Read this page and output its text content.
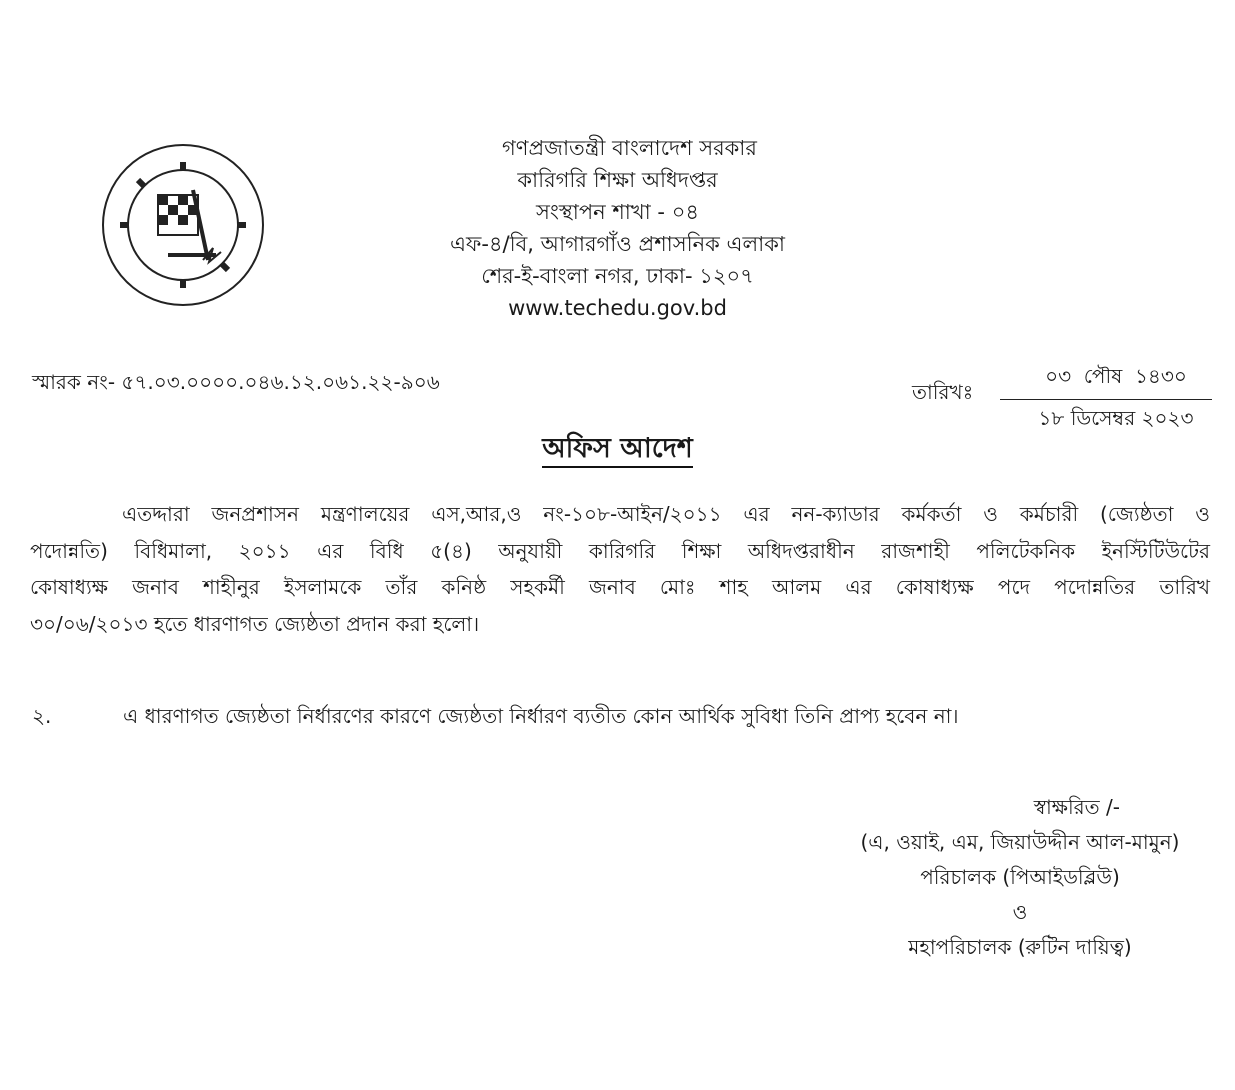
গণপ্রজাতন্ত্রী বাংলাদেশ সরকার
কারিগরি শিক্ষা অধিদপ্তর
সংস্থাপন শাখা - ০৪
এফ-৪/বি, আগারগাঁও প্রশাসনিক এলাকা
শের-ই-বাংলা নগর, ঢাকা- ১২০৭
www.techedu.gov.bd
স্মারক নং- ৫৭.০৩.০০০০.০৪৬.১২.০৬১.২২-৯০৬	তারিখঃ
০৩  পৌষ  ১৪৩০
১৮ ডিসেম্বর ২০২৩
অফিস আদেশ
এতদ্দারা জনপ্রশাসন মন্ত্রণালয়ের এস,আর,ও নং-১০৮-আইন/২০১১ এর নন-ক্যাডার কর্মকর্তা ও কর্মচারী (জ্যেষ্ঠতা ও
পদোন্নতি) বিধিমালা, ২০১১ এর বিধি ৫(৪) অনুযায়ী কারিগরি শিক্ষা অধিদপ্তরাধীন রাজশাহী পলিটেকনিক ইনস্টিটিউটের
কোষাধ্যক্ষ জনাব শাহীনুর ইসলামকে তাঁর কনিষ্ঠ সহকর্মী জনাব মোঃ শাহ আলম এর কোষাধ্যক্ষ পদে পদোন্নতির তারিখ
৩০/০৬/২০১৩ হতে ধারণাগত জ্যেষ্ঠতা প্রদান করা হলো।
২.	এ ধারণাগত জ্যেষ্ঠতা নির্ধারণের কারণে জ্যেষ্ঠতা নির্ধারণ ব্যতীত কোন আর্থিক সুবিধা তিনি প্রাপ্য হবেন না।
স্বাক্ষরিত /-
(এ, ওয়াই, এম, জিয়াউদ্দীন আল-মামুন)
পরিচালক (পিআইডব্লিউ)
ও
মহাপরিচালক (রুটিন দায়িত্ব)
